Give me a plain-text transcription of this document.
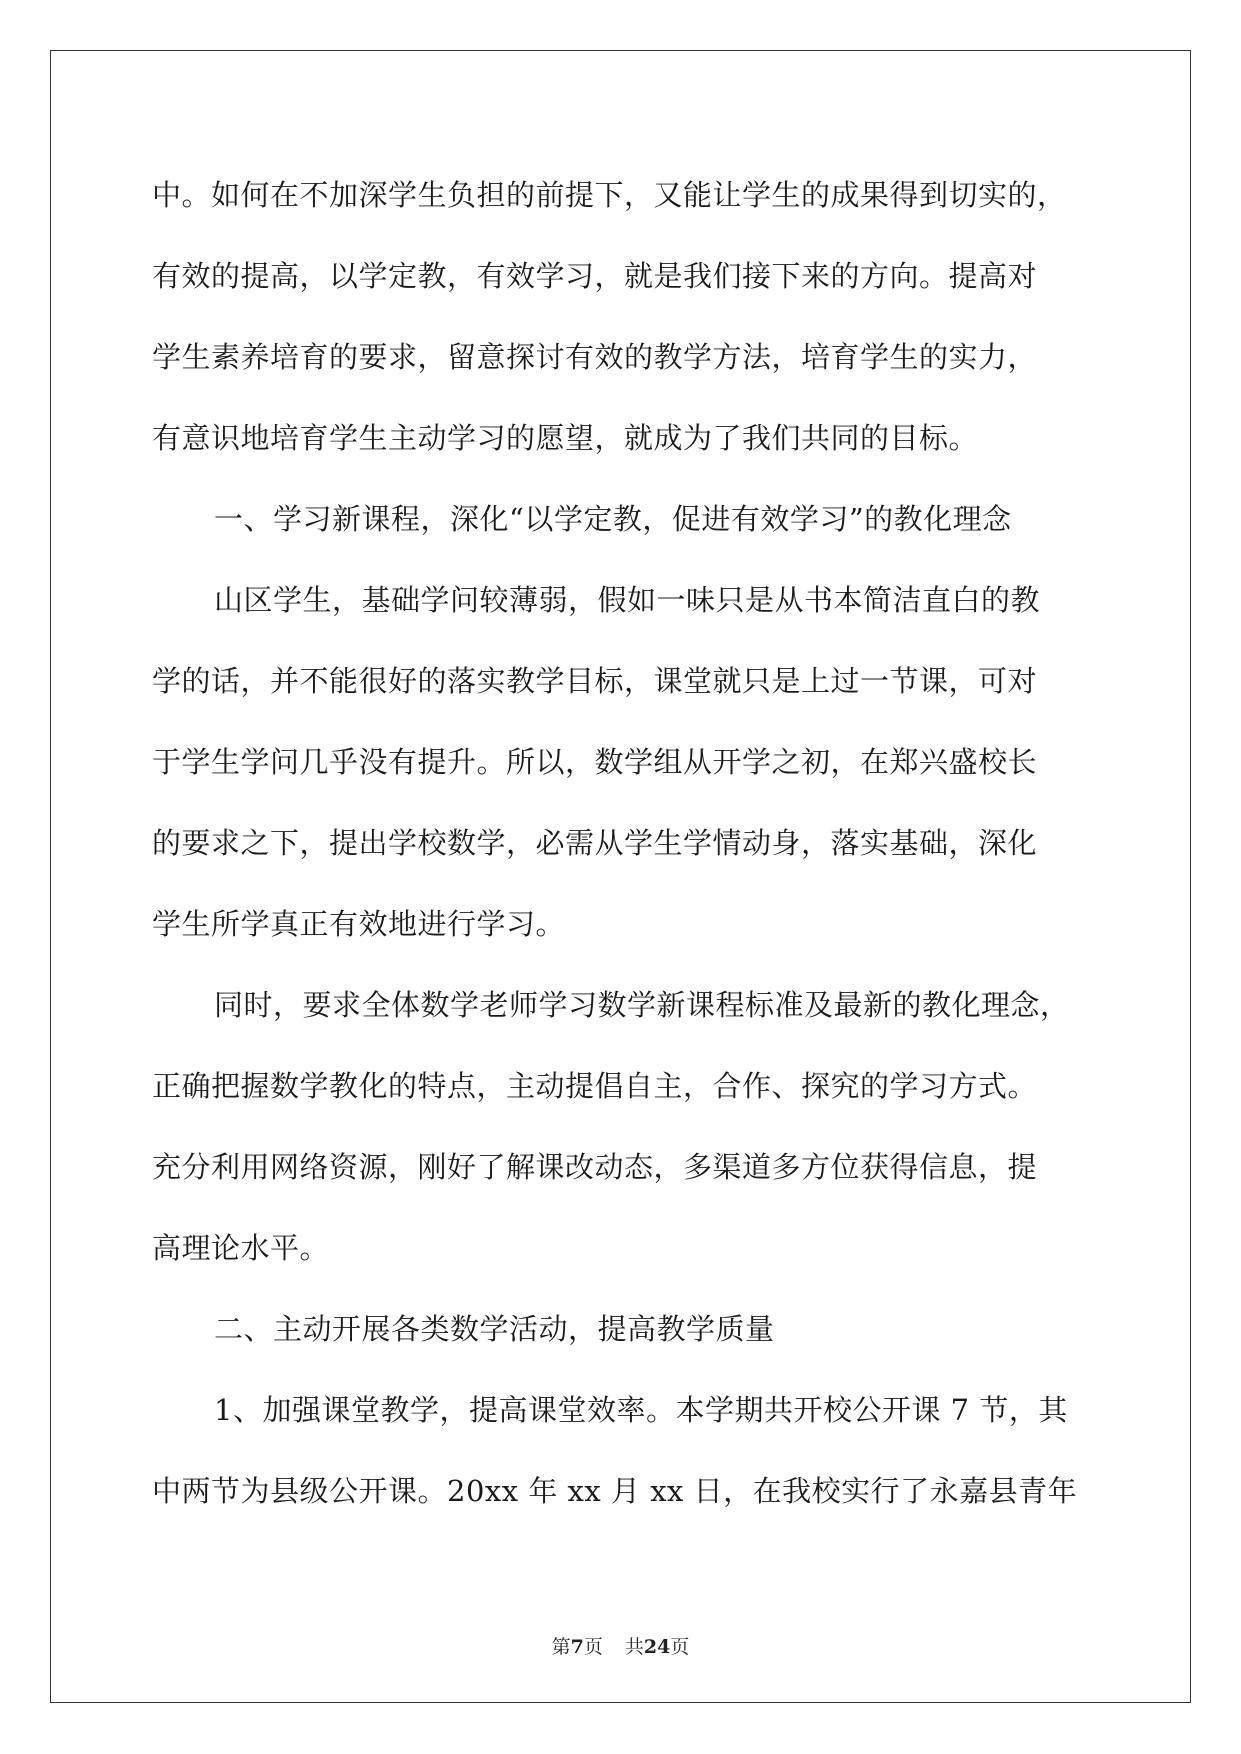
中。如何在不加深学生负担的前提下，又能让学生的成果得到切实的，
有效的提高，以学定教，有效学习，就是我们接下来的方向。提高对
学生素养培育的要求，留意探讨有效的教学方法，培育学生的实力，
有意识地培育学生主动学习的愿望，就成为了我们共同的目标。
一、学习新课程，深化“以学定教，促进有效学习”的教化理念
山区学生，基础学问较薄弱，假如一味只是从书本简洁直白的教
学的话，并不能很好的落实教学目标，课堂就只是上过一节课，可对
于学生学问几乎没有提升。所以，数学组从开学之初，在郑兴盛校长
的要求之下，提出学校数学，必需从学生学情动身，落实基础，深化
学生所学真正有效地进行学习。
同时，要求全体数学老师学习数学新课程标准及最新的教化理念，
正确把握数学教化的特点，主动提倡自主，合作、探究的学习方式。
充分利用网络资源，刚好了解课改动态，多渠道多方位获得信息，提
高理论水平。
二、主动开展各类数学活动，提高教学质量
1、加强课堂教学，提高课堂效率。本学期共开校公开课 7 节，其
中两节为县级公开课。20xx 年 xx 月 xx 日，在我校实行了永嘉县青年
第7页 共24页
